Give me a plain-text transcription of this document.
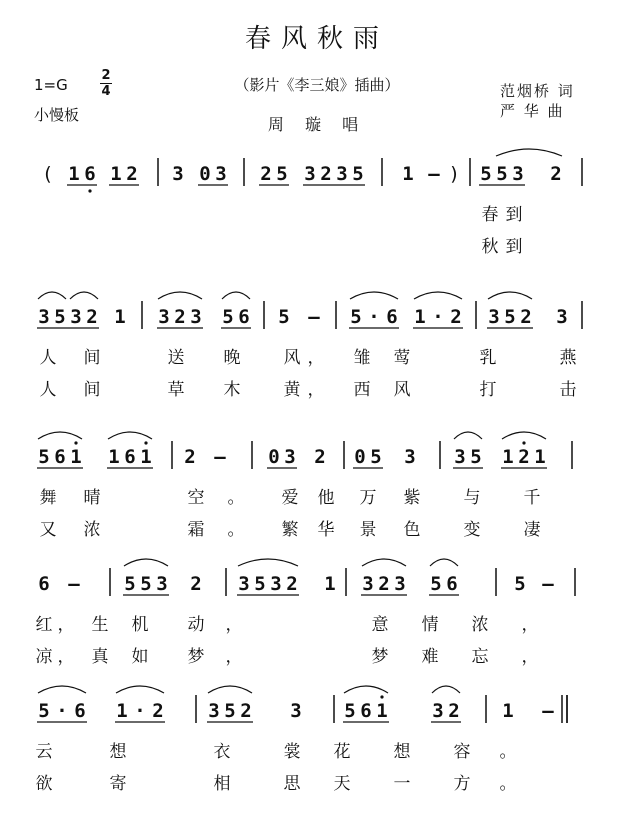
春风秋雨
（影片《李三娘》插曲）
周 璇 唱
1=G
2
4
小慢板
范烟桥 词
严 华 曲
( 1 6 1 2 3 0 3 2 5 3 2 3 5 1 – ) 5 5 3 2
春 到
秋 到
3 5 3 2 1 3 2 3 5 6 5 – 5 · 6 1 · 2 3 5 2 3
人 间	送 晚	风 ， 雏 莺	乳	燕
人 间	草 木	黄 ， 西 风	打	击
5 6 1 1 6 1 2 – 0 3 2 0 5 3 3 5 1 2 1
舞 晴	空 。 爱 他 万 紫	与	千
又 浓	霜 。 繁 华 景 色	变	凄
6 – 5 5 3 2 3 5 3 2 1 3 2 3 5 6	5 –
红 ， 生 机 动 ，	意 情 浓 ，
凉 ， 真 如 梦 ，	梦 难 忘 ，
5 · 6 1 · 2 3 5 2 3 5 6 1 3 2 1 –
云	想	衣	裳 花	想	容 。
欲	寄	相	思 天	一	方 。
